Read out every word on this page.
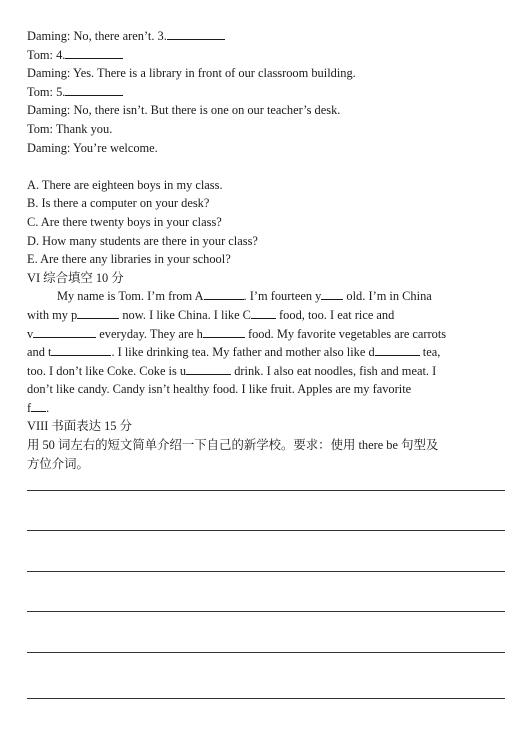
Daming: No, there aren’t. 3.
Tom: 4.
Daming: Yes. There is a library in front of our classroom building.
Tom: 5.
Daming: No, there isn’t. But there is one on our teacher’s desk.
Tom: Thank you.
Daming: You’re welcome.
A. There are eighteen boys in my class.
B. Is there a computer on your desk?
C. Are there twenty boys in your class?
D. How many students are there in your class?
E. Are there any libraries in your school?
VI 综合填空 10 分
My name is Tom. I’m from A	. I’m fourteen y old. I’m in China
with my p	now. I like China. I like C food, too. I eat rice and
v	everyday. They are h	food. My favorite vegetables are carrots
and t	. I like drinking tea. My father and mother also like d	tea,
too. I don’t like Coke. Coke is u	drink. I also eat noodles, fish and meat. I
don’t like candy. Candy isn’t healthy food. I like fruit. Apples are my favorite
f .
VIII 书面表达 15 分
用 50 词左右的短文简单介绍一下自己的新学校。要求：使用 there be 句型及
方位介词。
